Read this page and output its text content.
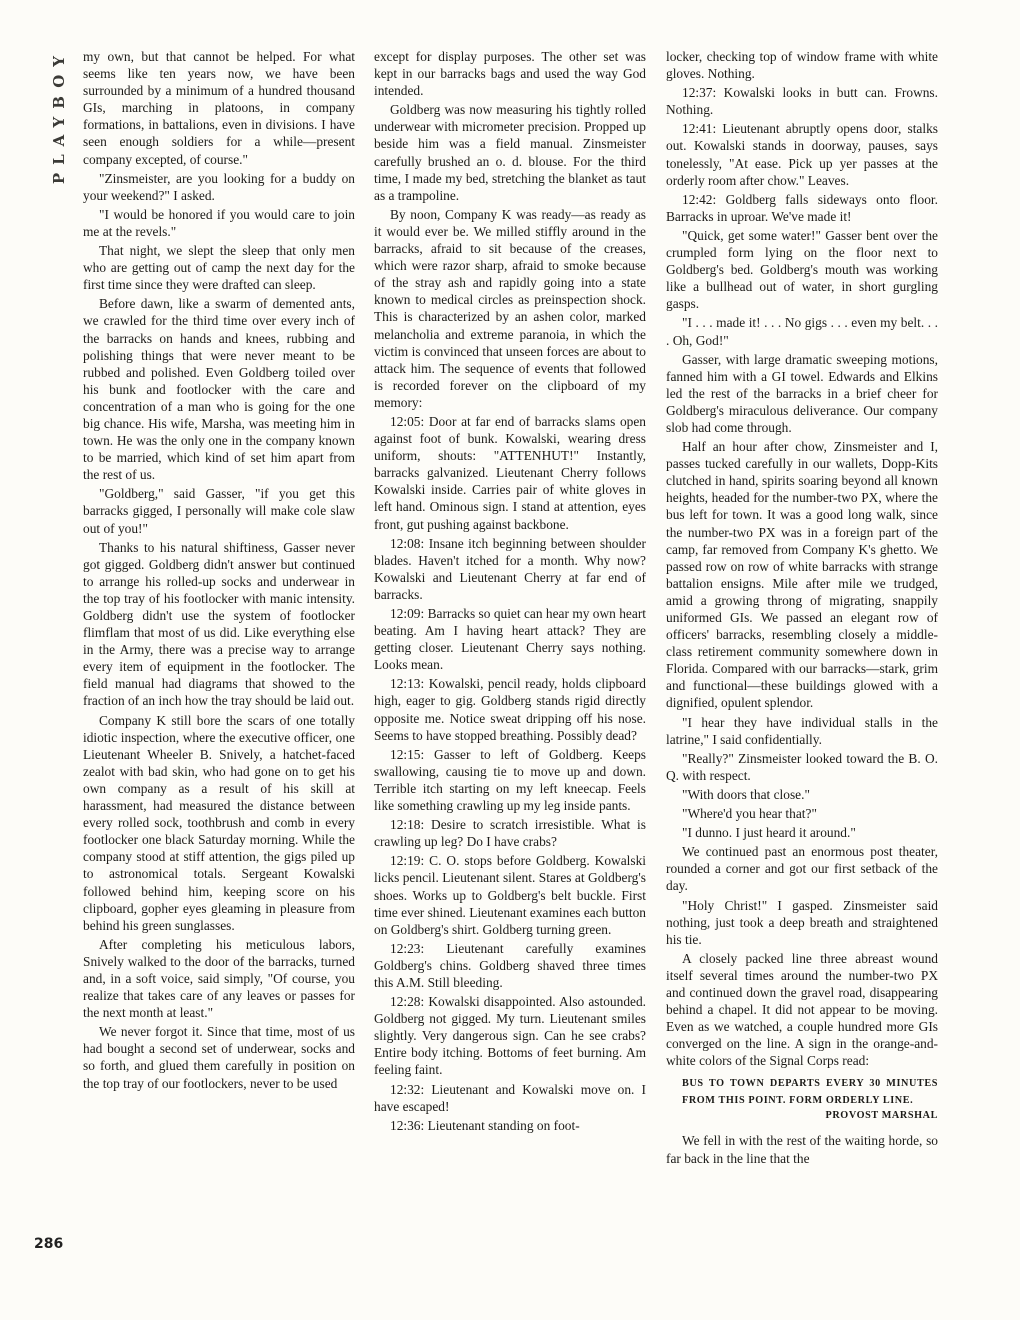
PLAYBOY
286

my own, but that cannot be helped. For what seems like ten years now, we have been surrounded by a minimum of a hundred thousand GIs, marching in platoons, in company formations, in battalions, even in divisions. I have seen enough soldiers for a while—present company excepted, of course."

"Zinsmeister, are you looking for a buddy on your weekend?" I asked.

"I would be honored if you would care to join me at the revels."

That night, we slept the sleep that only men who are getting out of camp the next day for the first time since they were drafted can sleep.

Before dawn, like a swarm of demented ants, we crawled for the third time over every inch of the barracks on hands and knees, rubbing and polishing things that were never meant to be rubbed and polished. Even Goldberg toiled over his bunk and footlocker with the care and concentration of a man who is going for the one big chance. His wife, Marsha, was meeting him in town. He was the only one in the company known to be married, which kind of set him apart from the rest of us.

"Goldberg," said Gasser, "if you get this barracks gigged, I personally will make cole slaw out of you!"

Thanks to his natural shiftiness, Gasser never got gigged. Goldberg didn't answer but continued to arrange his rolled-up socks and underwear in the top tray of his footlocker with manic intensity. Goldberg didn't use the system of footlocker flimflam that most of us did. Like everything else in the Army, there was a precise way to arrange every item of equipment in the footlocker. The field manual had diagrams that showed to the fraction of an inch how the tray should be laid out.

Company K still bore the scars of one totally idiotic inspection, where the executive officer, one Lieutenant Wheeler B. Snively, a hatchet-faced zealot with bad skin, who had gone on to get his own company as a result of his skill at harassment, had measured the distance between every rolled sock, toothbrush and comb in every footlocker one black Saturday morning. While the company stood at stiff attention, the gigs piled up to astronomical totals. Sergeant Kowalski followed behind him, keeping score on his clipboard, gopher eyes gleaming in pleasure from behind his green sunglasses.

After completing his meticulous labors, Snively walked to the door of the barracks, turned and, in a soft voice, said simply, "Of course, you realize that takes care of any leaves or passes for the next month at least."

We never forgot it. Since that time, most of us had bought a second set of underwear, socks and so forth, and glued them carefully in position on the top tray of our footlockers, never to be used

except for display purposes. The other set was kept in our barracks bags and used the way God intended.

Goldberg was now measuring his tightly rolled underwear with micrometer precision. Propped up beside him was a field manual. Zinsmeister carefully brushed an o. d. blouse. For the third time, I made my bed, stretching the blanket as taut as a trampoline.

By noon, Company K was ready—as ready as it would ever be. We milled stiffly around in the barracks, afraid to sit because of the creases, which were razor sharp, afraid to smoke because of the stray ash and rapidly going into a state known to medical circles as preinspection shock. This is characterized by an ashen color, marked melancholia and extreme paranoia, in which the victim is convinced that unseen forces are about to attack him. The sequence of events that followed is recorded forever on the clipboard of my memory:

12:05: Door at far end of barracks slams open against foot of bunk. Kowalski, wearing dress uniform, shouts: "ATTENHUT!" Instantly, barracks galvanized. Lieutenant Cherry follows Kowalski inside. Carries pair of white gloves in left hand. Ominous sign. I stand at attention, eyes front, gut pushing against backbone.

12:08: Insane itch beginning between shoulder blades. Haven't itched for a month. Why now? Kowalski and Lieutenant Cherry at far end of barracks.

12:09: Barracks so quiet can hear my own heart beating. Am I having heart attack? They are getting closer. Lieutenant Cherry says nothing. Looks mean.

12:13: Kowalski, pencil ready, holds clipboard high, eager to gig. Goldberg stands rigid directly opposite me. Notice sweat dripping off his nose. Seems to have stopped breathing. Possibly dead?

12:15: Gasser to left of Goldberg. Keeps swallowing, causing tie to move up and down. Terrible itch starting on my left kneecap. Feels like something crawling up my leg inside pants.

12:18: Desire to scratch irresistible. What is crawling up leg? Do I have crabs?

12:19: C. O. stops before Goldberg. Kowalski licks pencil. Lieutenant silent. Stares at Goldberg's shoes. Works up to Goldberg's belt buckle. First time ever shined. Lieutenant examines each button on Goldberg's shirt. Goldberg turning green.

12:23: Lieutenant carefully examines Goldberg's chins. Goldberg shaved three times this A.M. Still bleeding.

12:28: Kowalski disappointed. Also astounded. Goldberg not gigged. My turn. Lieutenant smiles slightly. Very dangerous sign. Can he see crabs? Entire body itching. Bottoms of feet burning. Am feeling faint.

12:32: Lieutenant and Kowalski move on. I have escaped!

12:36: Lieutenant standing on foot-

locker, checking top of window frame with white gloves. Nothing.

12:37: Kowalski looks in butt can. Frowns. Nothing.

12:41: Lieutenant abruptly opens door, stalks out. Kowalski stands in doorway, pauses, says tonelessly, "At ease. Pick up yer passes at the orderly room after chow." Leaves.

12:42: Goldberg falls sideways onto floor. Barracks in uproar. We've made it!

"Quick, get some water!" Gasser bent over the crumpled form lying on the floor next to Goldberg's bed. Goldberg's mouth was working like a bullhead out of water, in short gurgling gasps.

"I . . . made it! . . . No gigs . . . even my belt. . . . Oh, God!"

Gasser, with large dramatic sweeping motions, fanned him with a GI towel. Edwards and Elkins led the rest of the barracks in a brief cheer for Goldberg's miraculous deliverance. Our company slob had come through.

Half an hour after chow, Zinsmeister and I, passes tucked carefully in our wallets, Dopp-Kits clutched in hand, spirits soaring beyond all known heights, headed for the number-two PX, where the bus left for town. It was a good long walk, since the number-two PX was in a foreign part of the camp, far removed from Company K's ghetto. We passed row on row of white barracks with strange battalion ensigns. Mile after mile we trudged, amid a growing throng of migrating, snappily uniformed GIs. We passed an elegant row of officers' barracks, resembling closely a middle-class retirement community somewhere down in Florida. Compared with our barracks—stark, grim and functional—these buildings glowed with a dignified, opulent splendor.

"I hear they have individual stalls in the latrine," I said confidentially.

"Really?" Zinsmeister looked toward the B. O. Q. with respect.

"With doors that close."

"Where'd you hear that?"

"I dunno. I just heard it around."

We continued past an enormous post theater, rounded a corner and got our first setback of the day.

"Holy Christ!" I gasped. Zinsmeister said nothing, just took a deep breath and straightened his tie.

A closely packed line three abreast wound itself several times around the number-two PX and continued down the gravel road, disappearing behind a chapel. It did not appear to be moving. Even as we watched, a couple hundred more GIs converged on the line. A sign in the orange-and-white colors of the Signal Corps read:

BUS TO TOWN DEPARTS EVERY 30 MINUTES FROM THIS POINT. FORM ORDERLY LINE.
PROVOST MARSHAL

We fell in with the rest of the waiting horde, so far back in the line that the
